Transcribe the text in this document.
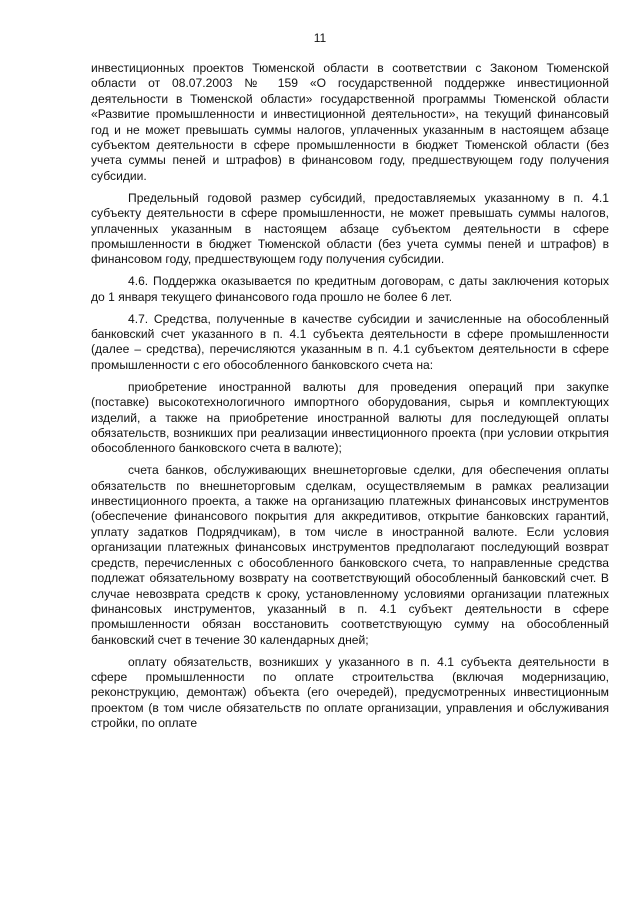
11

инвестиционных проектов Тюменской области в соответствии с Законом Тюменской области от 08.07.2003 № 159 «О государственной поддержке инвестиционной деятельности в Тюменской области» государственной программы Тюменской области «Развитие промышленности и инвестиционной деятельности», на текущий финансовый год и не может превышать суммы налогов, уплаченных указанным в настоящем абзаце субъектом деятельности в сфере промышленности в бюджет Тюменской области (без учета суммы пеней и штрафов) в финансовом году, предшествующем году получения субсидии.

Предельный годовой размер субсидий, предоставляемых указанному в п. 4.1 субъекту деятельности в сфере промышленности, не может превышать суммы налогов, уплаченных указанным в настоящем абзаце субъектом деятельности в сфере промышленности в бюджет Тюменской области (без учета суммы пеней и штрафов) в финансовом году, предшествующем году получения субсидии.

4.6. Поддержка оказывается по кредитным договорам, с даты заключения которых до 1 января текущего финансового года прошло не более 6 лет.

4.7. Средства, полученные в качестве субсидии и зачисленные на обособленный банковский счет указанного в п. 4.1 субъекта деятельности в сфере промышленности (далее – средства), перечисляются указанным в п. 4.1 субъектом деятельности в сфере промышленности с его обособленного банковского счета на:

приобретение иностранной валюты для проведения операций при закупке (поставке) высокотехнологичного импортного оборудования, сырья и комплектующих изделий, а также на приобретение иностранной валюты для последующей оплаты обязательств, возникших при реализации инвестиционного проекта (при условии открытия обособленного банковского счета в валюте);

счета банков, обслуживающих внешнеторговые сделки, для обеспечения оплаты обязательств по внешнеторговым сделкам, осуществляемым в рамках реализации инвестиционного проекта, а также на организацию платежных финансовых инструментов (обеспечение финансового покрытия для аккредитивов, открытие банковских гарантий, уплату задатков Подрядчикам), в том числе в иностранной валюте. Если условия организации платежных финансовых инструментов предполагают последующий возврат средств, перечисленных с обособленного банковского счета, то направленные средства подлежат обязательному возврату на соответствующий обособленный банковский счет. В случае невозврата средств к сроку, установленному условиями организации платежных финансовых инструментов, указанный в п. 4.1 субъект деятельности в сфере промышленности обязан восстановить соответствующую сумму на обособленный банковский счет в течение 30 календарных дней;

оплату обязательств, возникших у указанного в п. 4.1 субъекта деятельности в сфере промышленности по оплате строительства (включая модернизацию, реконструкцию, демонтаж) объекта (его очередей), предусмотренных инвестиционным проектом (в том числе обязательств по оплате организации, управления и обслуживания стройки, по оплате
